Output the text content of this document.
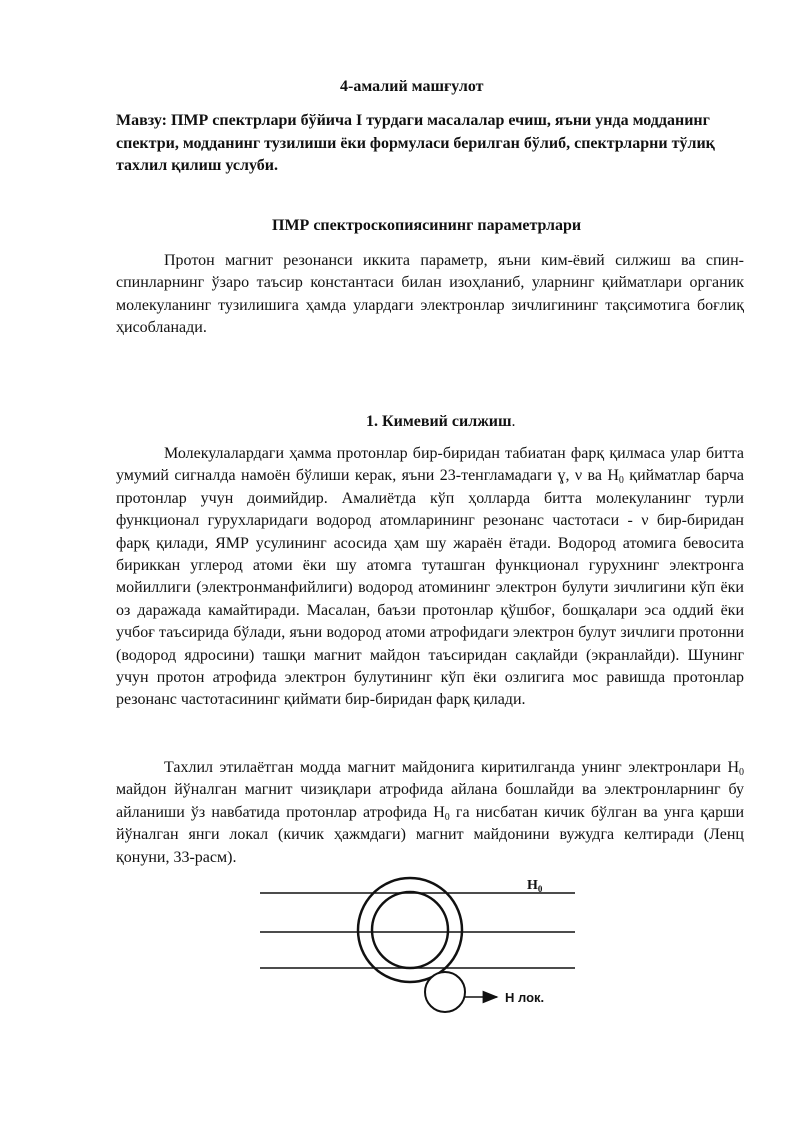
4-амалий машғулот
Мавзу: ПМР спектрлари бўйича I турдаги масалалар ечиш, яъни унда модданинг спектри, модданинг тузилиши ёки формуласи берилган бўлиб, спектрларни тўлиқ тахлил қилиш услуби.
ПМР спектроскопиясининг параметрлари

Протон магнит резонанси иккита параметр, яъни ким-ёвий силжиш ва спин-спинларнинг ўзаро таъсир константаси билан изоҳланиб, уларнинг қийматлари органик молекуланинг тузилишига ҳамда улардаги электронлар зичлигининг тақсимотига боғлиқ ҳисобланади.

1. Кимевий силжиш.

Молекулалардаги ҳамма протонлар бир-биридан табиатан фарқ қилмаса улар битта умумий сигналда намоён бўлиши керак, яъни 23-тенгламадаги ɣ, ν ва $H_0$ қийматлар барча протонлар учун доимийдир. Амалиётда кўп ҳолларда битта молекуланинг турли функционал гурухларидаги водород атомларининг резонанс частотаси - ν бир-биридан фарқ қилади, ЯМР усулининг асосида ҳам шу жараён ётади. Водород атомига бевосита бириккан углерод атоми ёки шу атомга туташган функционал гурухнинг электронга мойиллиги (электронманфийлиги) водород атомининг электрон булути зичлигини кўп ёки оз даражада камайтиради. Масалан, баъзи протонлар қўшбоғ, бошқалари эса оддий ёки учбоғ таъсирида бўлади, яъни водород атоми атрофидаги электрон булут зичлиги протонни (водород ядросини) ташқи магнит майдон таъсиридан сақлайди (экранлайди). Шунинг учун протон атрофида электрон булутининг кўп ёки озлигига мос равишда протонлар резонанс частотасининг қиймати бир-биридан фарқ қилади.

Тахлил этилаётган модда магнит майдонига киритилганда унинг электронлари $H_0$ майдон йўналган магнит чизиқлари атрофида айлана бошлайди ва электронларнинг бу айланиши ўз навбатида протонлар атрофида $H_0$ га нисбатан кичик бўлган ва унга қарши йўналган янги локал (кичик ҳажмдаги) магнит майдонини вужудга келтиради (Ленц қонуни, 33-расм).

$H_0$
Н лок.
